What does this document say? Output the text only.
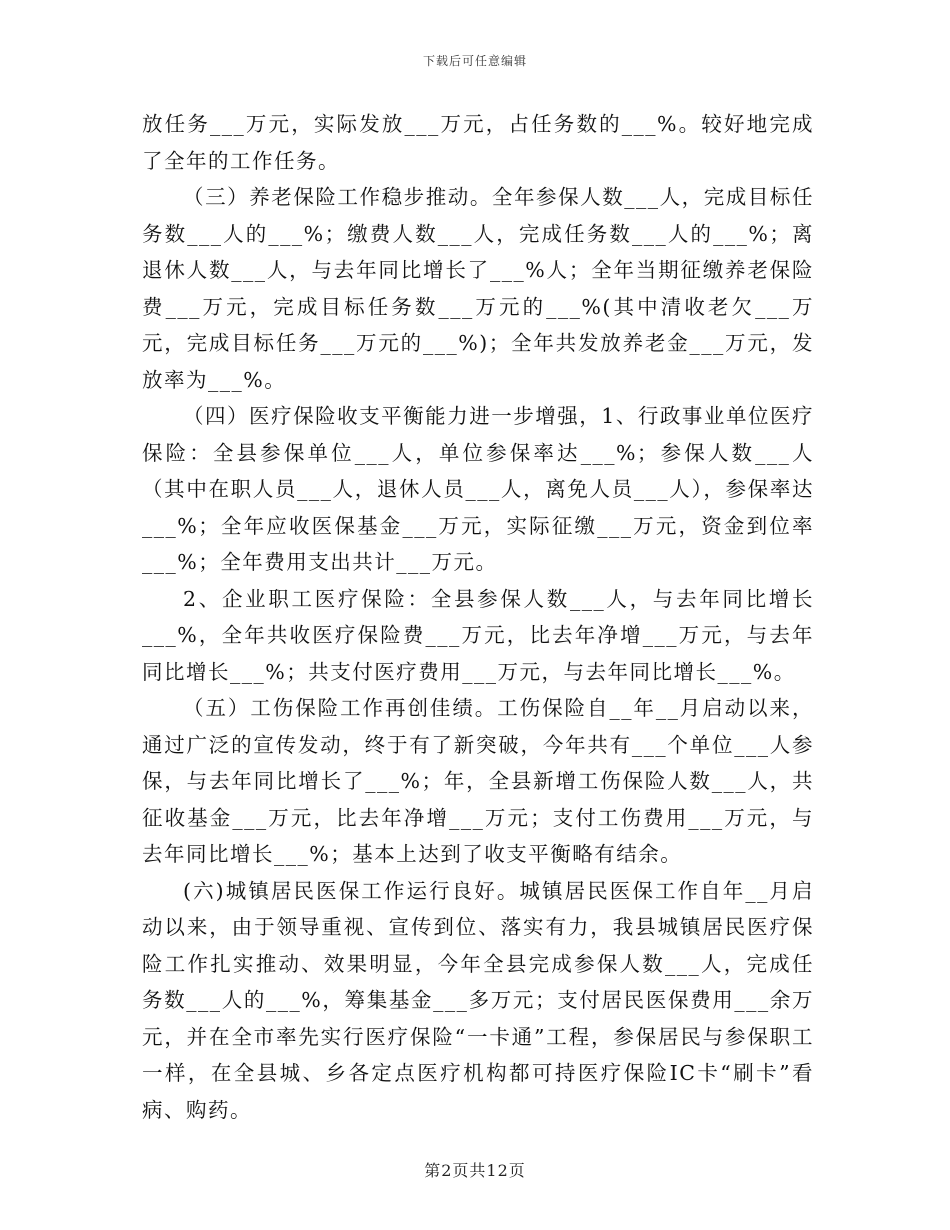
下载后可任意编辑

放任务___万元，实际发放___万元，占任务数的___%。较好地完成了全年的工作任务。

（三）养老保险工作稳步推动。全年参保人数___人，完成目标任务数___人的___%；缴费人数___人，完成任务数___人的___%；离退休人数___人，与去年同比增长了___%人；全年当期征缴养老保险费___万元，完成目标任务数___万元的___%(其中清收老欠___万元，完成目标任务___万元的___%)；全年共发放养老金___万元，发放率为___%。

（四）医疗保险收支平衡能力进一步增强，1、行政事业单位医疗保险：全县参保单位___人，单位参保率达___%；参保人数___人（其中在职人员___人，退休人员___人，离免人员___人），参保率达___%；全年应收医保基金___万元，实际征缴___万元，资金到位率___%；全年费用支出共计___万元。

2、企业职工医疗保险：全县参保人数___人，与去年同比增长___%，全年共收医疗保险费___万元，比去年净增___万元，与去年同比增长___%；共支付医疗费用___万元，与去年同比增长___%。

（五）工伤保险工作再创佳绩。工伤保险自__年__月启动以来，通过广泛的宣传发动，终于有了新突破，今年共有___个单位___人参保，与去年同比增长了___%；年，全县新增工伤保险人数___人，共征收基金___万元，比去年净增___万元；支付工伤费用___万元，与去年同比增长___%；基本上达到了收支平衡略有结余。

(六)城镇居民医保工作运行良好。城镇居民医保工作自年__月启动以来，由于领导重视、宣传到位、落实有力，我县城镇居民医疗保险工作扎实推动、效果明显，今年全县完成参保人数___人，完成任务数___人的___%，筹集基金___多万元；支付居民医保费用___余万元，并在全市率先实行医疗保险“一卡通”工程，参保居民与参保职工一样，在全县城、乡各定点医疗机构都可持医疗保险IC卡“刷卡”看病、购药。

第2页共12页
